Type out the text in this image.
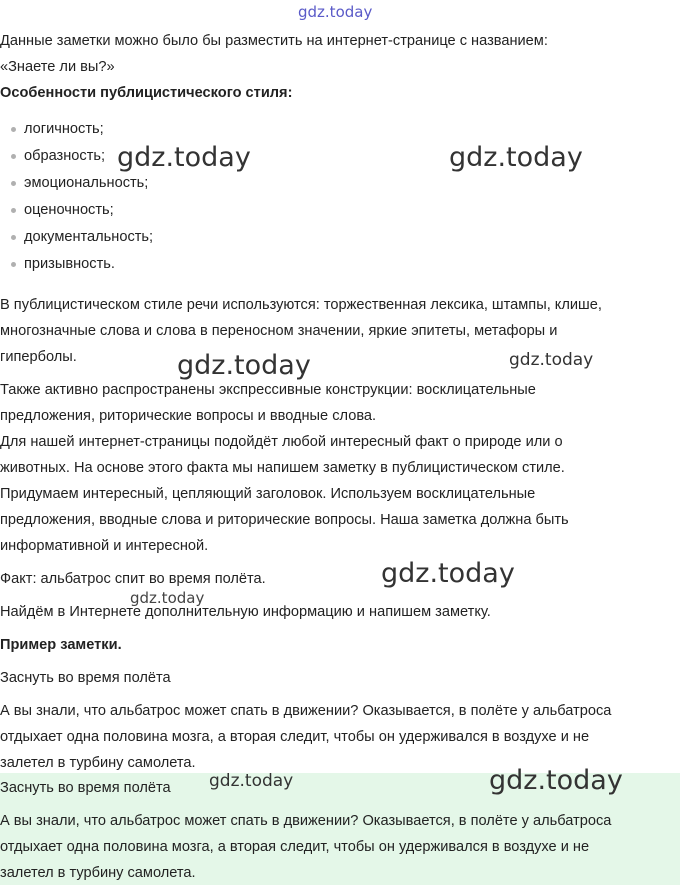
gdz.today
Данные заметки можно было бы разместить на интернет-странице с названием:
«Знаете ли вы?»
Особенности публицистического стиля:
логичность;
образность;
эмоциональность;
оценочность;
документальность;
призывность.
В публицистическом стиле речи используются: торжественная лексика, штампы, клише,
многозначные слова и слова в переносном значении, яркие эпитеты, метафоры и
гиперболы.
Также активно распространены экспрессивные конструкции: восклицательные
предложения, риторические вопросы и вводные слова.
Для нашей интернет-страницы подойдёт любой интересный факт о природе или о
животных. На основе этого факта мы напишем заметку в публицистическом стиле.
Придумаем интересный, цепляющий заголовок. Используем восклицательные
предложения, вводные слова и риторические вопросы. Наша заметка должна быть
информативной и интересной.
Факт: альбатрос спит во время полёта.
Найдём в Интернете дополнительную информацию и напишем заметку.
Пример заметки.
Заснуть во время полёта
А вы знали, что альбатрос может спать в движении? Оказывается, в полёте у альбатроса
отдыхает одна половина мозга, а вторая следит, чтобы он удерживался в воздухе и не
залетел в турбину самолета.
Заснуть во время полёта
А вы знали, что альбатрос может спать в движении? Оказывается, в полёте у альбатроса
отдыхает одна половина мозга, а вторая следит, чтобы он удерживался в воздухе и не
залетел в турбину самолета.
gdz.today	gdz.today
gdz.today	gdz.today
gdz.today
gdz.today
gdz.today	gdz.today
